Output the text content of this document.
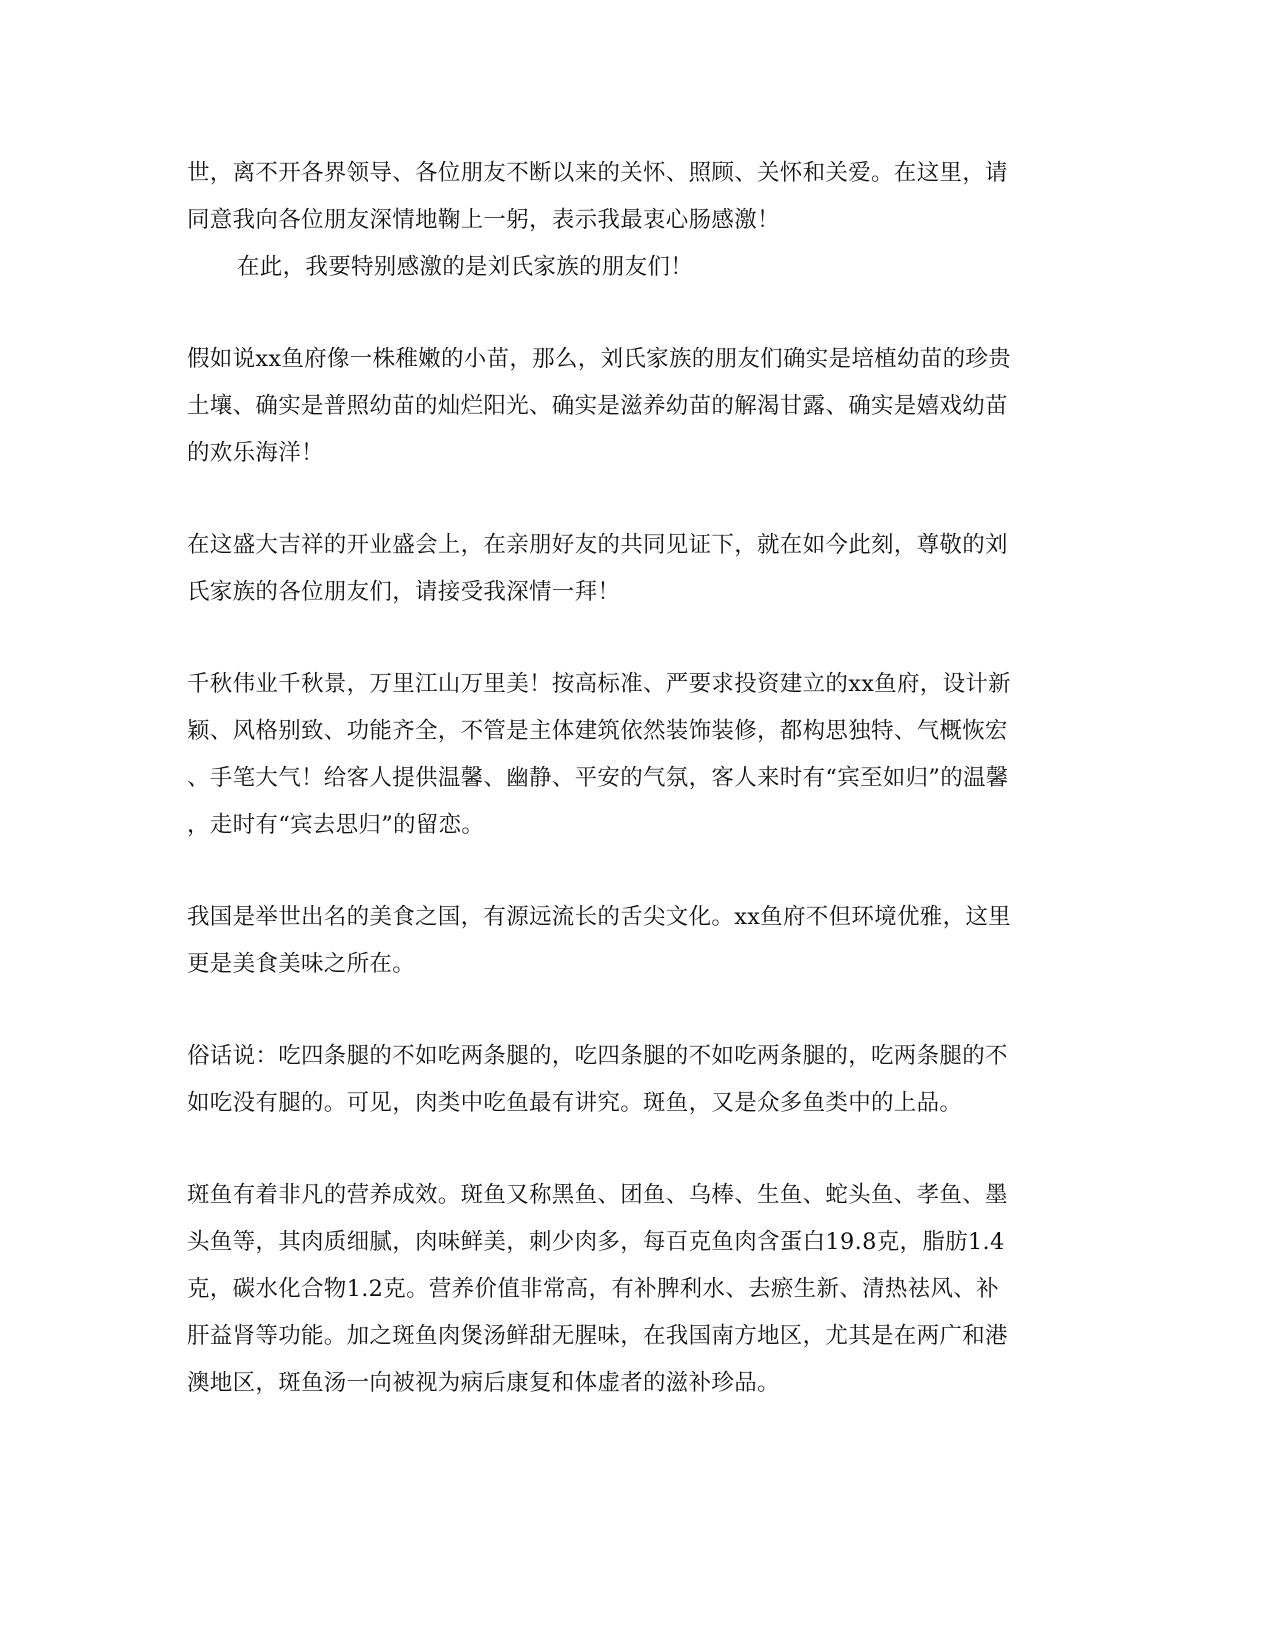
世，离不开各界领导、各位朋友不断以来的关怀、照顾、关怀和关爱。在这里，请
同意我向各位朋友深情地鞠上一躬，表示我最衷心肠感激！
在此，我要特别感激的是刘氏家族的朋友们！
假如说xx鱼府像一株稚嫩的小苗，那么，刘氏家族的朋友们确实是培植幼苗的珍贵
土壤、确实是普照幼苗的灿烂阳光、确实是滋养幼苗的解渴甘露、确实是嬉戏幼苗
的欢乐海洋！
在这盛大吉祥的开业盛会上，在亲朋好友的共同见证下，就在如今此刻，尊敬的刘
氏家族的各位朋友们，请接受我深情一拜！
千秋伟业千秋景，万里江山万里美！按高标准、严要求投资建立的xx鱼府，设计新
颖、风格别致、功能齐全，不管是主体建筑依然装饰装修，都构思独特、气概恢宏
、手笔大气！给客人提供温馨、幽静、平安的气氛，客人来时有“宾至如归”的温馨
，走时有“宾去思归”的留恋。
我国是举世出名的美食之国，有源远流长的舌尖文化。xx鱼府不但环境优雅，这里
更是美食美味之所在。
俗话说：吃四条腿的不如吃两条腿的，吃四条腿的不如吃两条腿的，吃两条腿的不
如吃没有腿的。可见，肉类中吃鱼最有讲究。斑鱼，又是众多鱼类中的上品。
斑鱼有着非凡的营养成效。斑鱼又称黑鱼、团鱼、乌棒、生鱼、蛇头鱼、孝鱼、墨
头鱼等，其肉质细腻，肉味鲜美，刺少肉多，每百克鱼肉含蛋白19.8克，脂肪1.4
克，碳水化合物1.2克。营养价值非常高，有补脾利水、去瘀生新、清热祛风、补
肝益肾等功能。加之斑鱼肉煲汤鲜甜无腥味，在我国南方地区，尤其是在两广和港
澳地区，斑鱼汤一向被视为病后康复和体虚者的滋补珍品。
